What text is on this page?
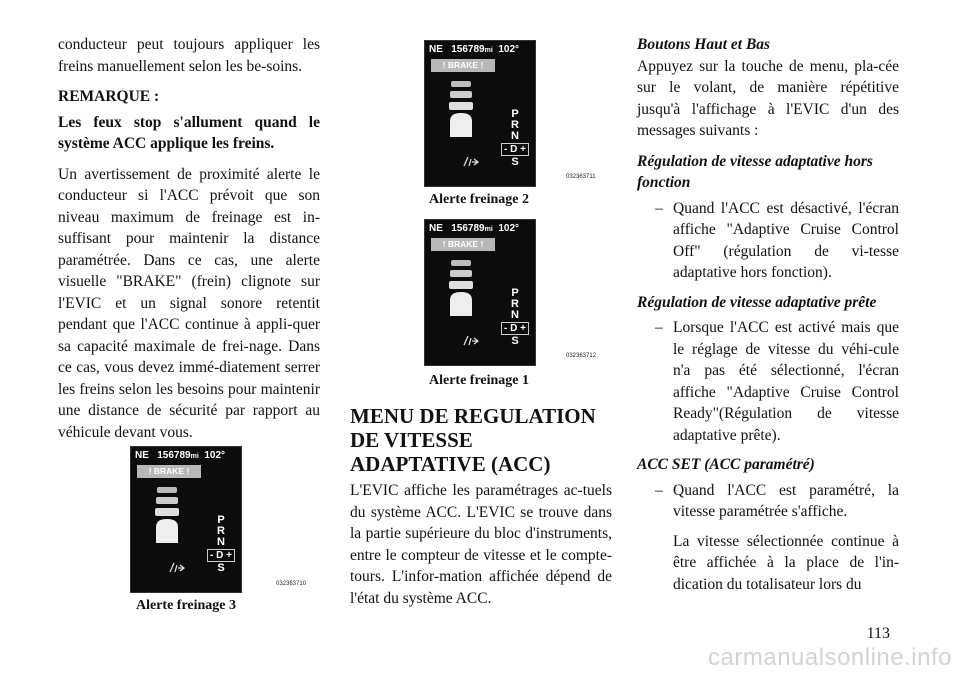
conducteur peut toujours appliquer les freins manuellement selon les be-soins.

REMARQUE :

Les feux stop s'allument quand le système ACC applique les freins.

Un avertissement de proximité alerte le conducteur si l'ACC prévoit que son niveau maximum de freinage est in-suffisant pour maintenir la distance paramétrée. Dans ce cas, une alerte visuelle "BRAKE" (frein) clignote sur l'EVIC et un signal sonore retentit pendant que l'ACC continue à appli-quer sa capacité maximale de frei-nage. Dans ce cas, vous devez immé-diatement serrer les freins selon les besoins pour maintenir une distance de sécurité par rapport au véhicule devant vous.

NE 156789mi 102°
! BRAKE !
P
R
N
- D +
S
032363710
Alerte freinage 3
NE 156789mi 102°
! BRAKE !
P
R
N
- D +
S
032363711
Alerte freinage 2
NE 156789mi 102°
! BRAKE !
P
R
N
- D +
S
032363712
Alerte freinage 1
MENU DE REGULATION DE VITESSE ADAPTATIVE (ACC)

L'EVIC affiche les paramétrages ac-tuels du système ACC. L'EVIC se trouve dans la partie supérieure du bloc d'instruments, entre le compteur de vitesse et le compte-tours. L'infor-mation affichée dépend de l'état du système ACC.

Boutons Haut et Bas

Appuyez sur la touche de menu, pla-cée sur le volant, de manière répétitive jusqu'à l'affichage à l'EVIC d'un des messages suivants :

Régulation de vitesse adaptative hors fonction

– Quand l'ACC est désactivé, l'écran affiche "Adaptive Cruise Control Off" (régulation de vi-tesse adaptative hors fonction).

Régulation de vitesse adaptative prête

– Lorsque l'ACC est activé mais que le réglage de vitesse du véhi-cule n'a pas été sélectionné, l'écran affiche "Adaptive Cruise Control Ready"(Régulation de vitesse adaptative prête).

ACC SET (ACC paramétré)

– Quand l'ACC est paramétré, la vitesse paramétrée s'affiche.

La vitesse sélectionnée continue à être affichée à la place de l'in-dication du totalisateur lors du

113
carmanualsonline.info
